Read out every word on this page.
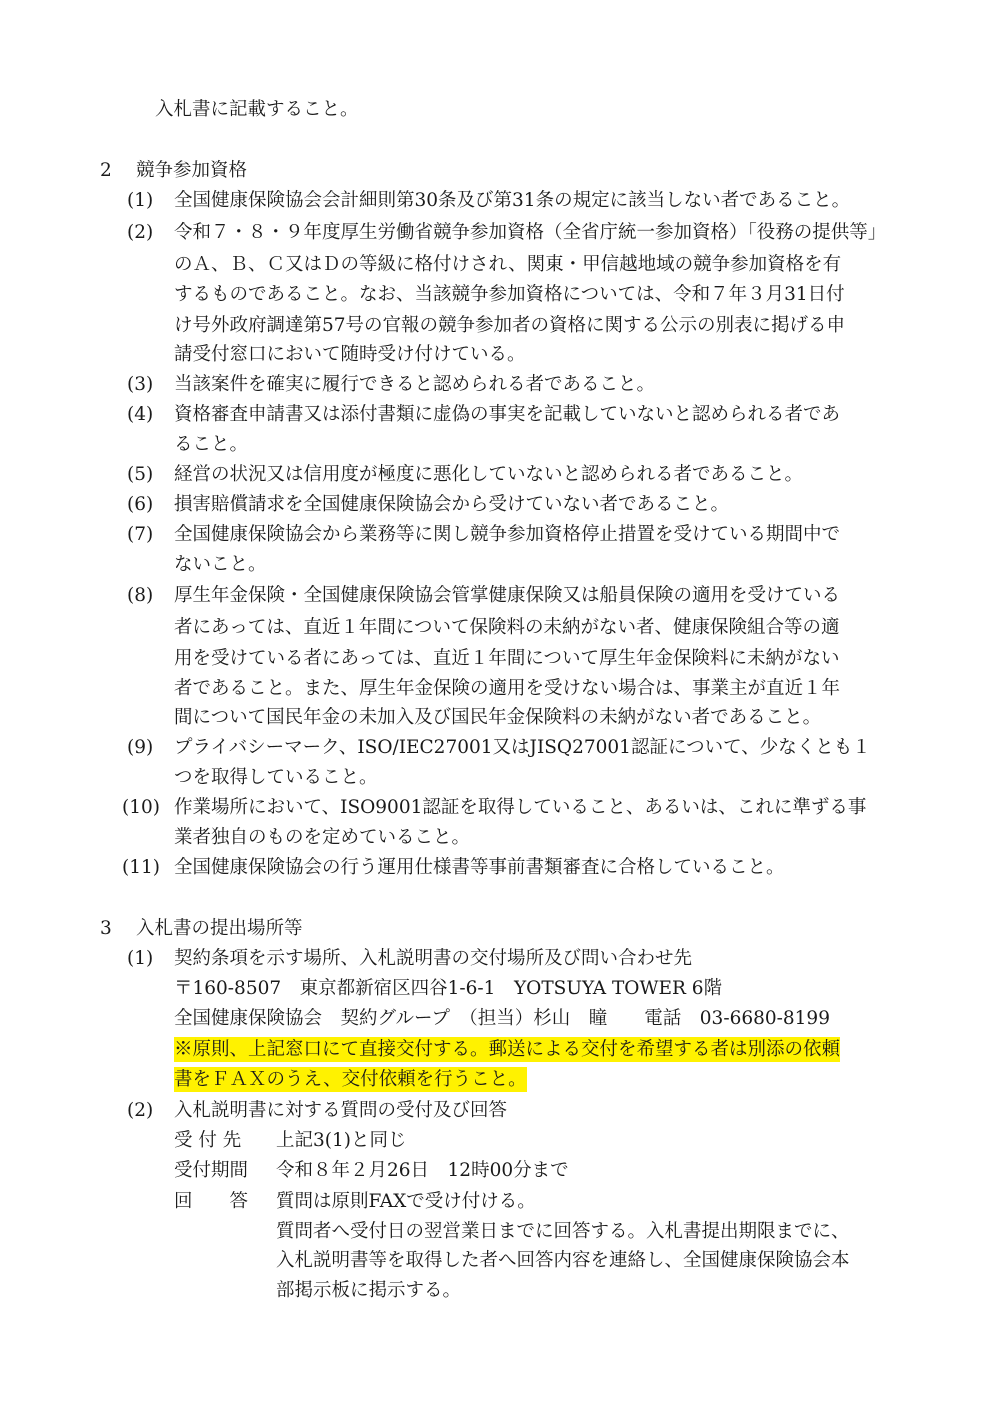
入札書に記載すること。
2 競争参加資格
(1) 全国健康保険協会会計細則第30条及び第31条の規定に該当しない者であること。
(2) 令和７・８・９年度厚生労働省競争参加資格（全省庁統一参加資格）「役務の提供等」
のＡ、Ｂ、Ｃ又はＤの等級に格付けされ、関東・甲信越地域の競争参加資格を有
するものであること。なお、当該競争参加資格については、令和７年３月31日付
け号外政府調達第57号の官報の競争参加者の資格に関する公示の別表に掲げる申
請受付窓口において随時受け付けている。
(3) 当該案件を確実に履行できると認められる者であること。
(4) 資格審査申請書又は添付書類に虚偽の事実を記載していないと認められる者であ
ること。
(5) 経営の状況又は信用度が極度に悪化していないと認められる者であること。
(6) 損害賠償請求を全国健康保険協会から受けていない者であること。
(7) 全国健康保険協会から業務等に関し競争参加資格停止措置を受けている期間中で
ないこと。
(8) 厚生年金保険・全国健康保険協会管掌健康保険又は船員保険の適用を受けている
者にあっては、直近１年間について保険料の未納がない者、健康保険組合等の適
用を受けている者にあっては、直近１年間について厚生年金保険料に未納がない
者であること。また、厚生年金保険の適用を受けない場合は、事業主が直近１年
間について国民年金の未加入及び国民年金保険料の未納がない者であること。
(9) プライバシーマーク、ISO/IEC27001又はJISQ27001認証について、少なくとも１
つを取得していること。
(10) 作業場所において、ISO9001認証を取得していること、あるいは、これに準ずる事
業者独自のものを定めていること。
(11) 全国健康保険協会の行う運用仕様書等事前書類審査に合格していること。
3 入札書の提出場所等
(1) 契約条項を示す場所、入札説明書の交付場所及び問い合わせ先
〒160-8507　東京都新宿区四谷1-6-1　YOTSUYA TOWER 6階
全国健康保険協会　契約グループ　（担当）杉山　瞳　　電話　03-6680-8199
※原則、上記窓口にて直接交付する。郵送による交付を希望する者は別添の依頼
書をＦＡＸのうえ、交付依頼を行うこと。
(2) 入札説明書に対する質問の受付及び回答
受 付 先 上記3(1)と同じ
受付期間 令和８年２月26日　12時00分まで
回　　答 質問は原則FAXで受け付ける。
質問者へ受付日の翌営業日までに回答する。入札書提出期限までに、
入札説明書等を取得した者へ回答内容を連絡し、全国健康保険協会本
部掲示板に掲示する。
